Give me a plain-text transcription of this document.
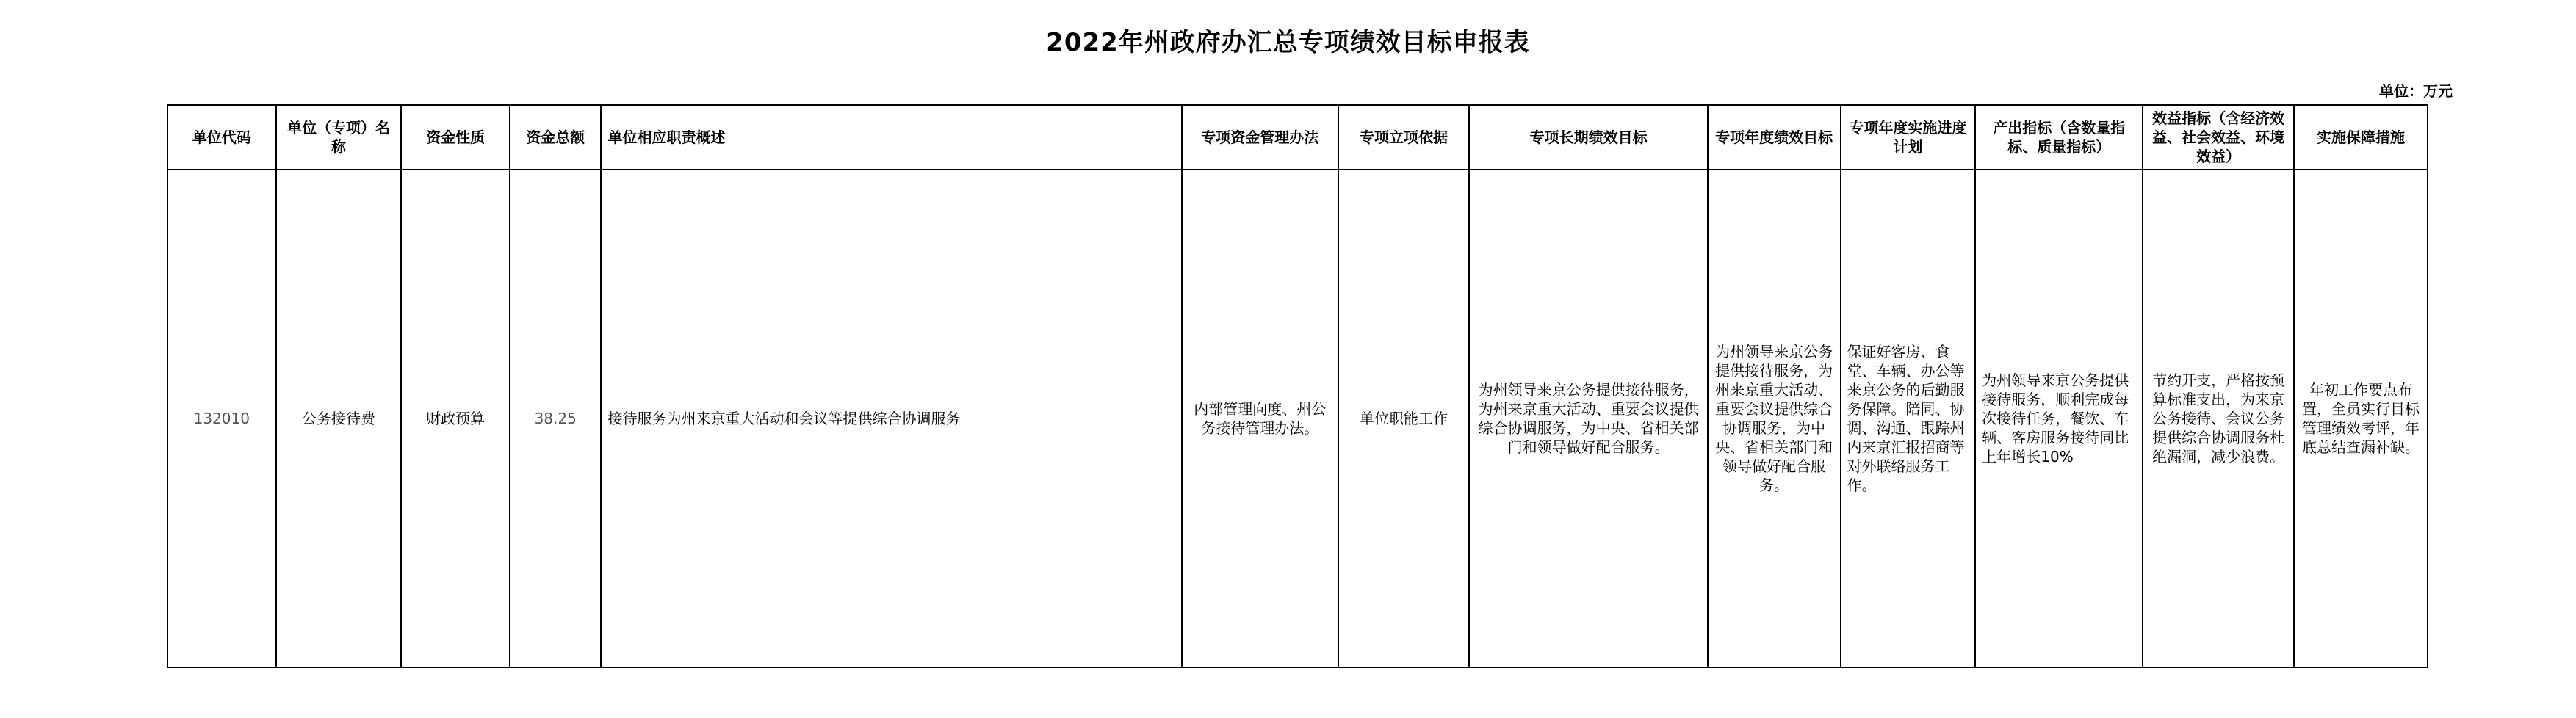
2022年州政府办汇总专项绩效目标申报表
单位：万元
单位代码	单位（专项）名称	资金性质	资金总额	单位相应职责概述	专项资金管理办法	专项立项依据	专项长期绩效目标	专项年度绩效目标	专项年度实施进度计划	产出指标（含数量指标、质量指标）	效益指标（含经济效益、社会效益、环境效益）	实施保障措施
132010	公务接待费	财政预算	38.25	接待服务为州来京重大活动和会议等提供综合协调服务	内部管理向度、州公务接待管理办法。	单位职能工作	为州领导来京公务提供接待服务，为州来京重大活动、重要会议提供综合协调服务，为中央、省相关部门和领导做好配合服务。	为州领导来京公务提供接待服务，为州来京重大活动、重要会议提供综合协调服务，为中央、省相关部门和领导做好配合服务。	保证好客房、食堂、车辆、办公等来京公务的后勤服务保障。陪同、协调、沟通、跟踪州内来京汇报招商等对外联络服务工作。	为州领导来京公务提供接待服务，顺利完成每次接待任务，餐饮、车辆、客房服务接待同比上年增长10%	节约开支，严格按预算标准支出，为来京公务接待、会议公务提供综合协调服务杜绝漏洞，减少浪费。	年初工作要点布置，全员实行目标管理绩效考评，年底总结查漏补缺。
